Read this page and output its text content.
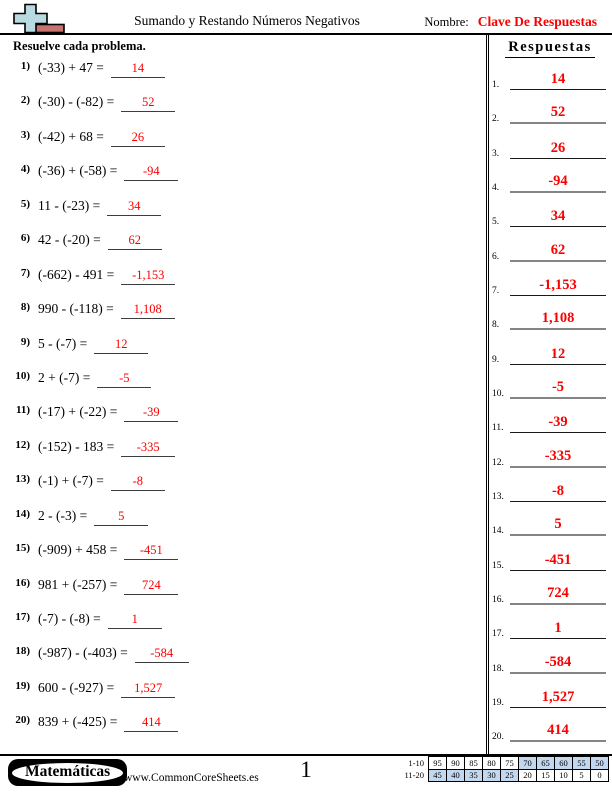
Sumando y Restando Números Negativos	Nombre: Clave De Respuestas
Resuelve cada problema.
1) (-33) + 47 =	14
2) (-30) - (-82) =	52
3) (-42) + 68 =	26
4) (-36) + (-58) =	-94
5) 11 - (-23) =	34
6) 42 - (-20) =	62
7) (-662) - 491 =	-1,153
8) 990 - (-118) =	1,108
9) 5 - (-7) =	12
10) 2 + (-7) =	-5
11) (-17) + (-22) =	-39
12) (-152) - 183 =	-335
13) (-1) + (-7) =	-8
14) 2 - (-3) =	5
15) (-909) + 458 =	-451
16) 981 + (-257) =	724
17) (-7) - (-8) =	1
18) (-987) - (-403) =	-584
19) 600 - (-927) =	1,527
20) 839 + (-425) =	414
Respuestas
1.	14
2.	52
3.	26
4.	-94
5.	34
6.	62
7.	-1,153
8.	1,108
9.	12
10.	-5
11.	-39
12.	-335
13.	-8
14.	5
15.	-451
16.	724
17.	1
18.	-584
19.	1,527
20.	414
Matemáticas	www.CommonCoreSheets.es	1	1-10	95	90	85	80	75	70	65	60	55	50
11-20	45	40	35	30	25	20	15	10	5	0
